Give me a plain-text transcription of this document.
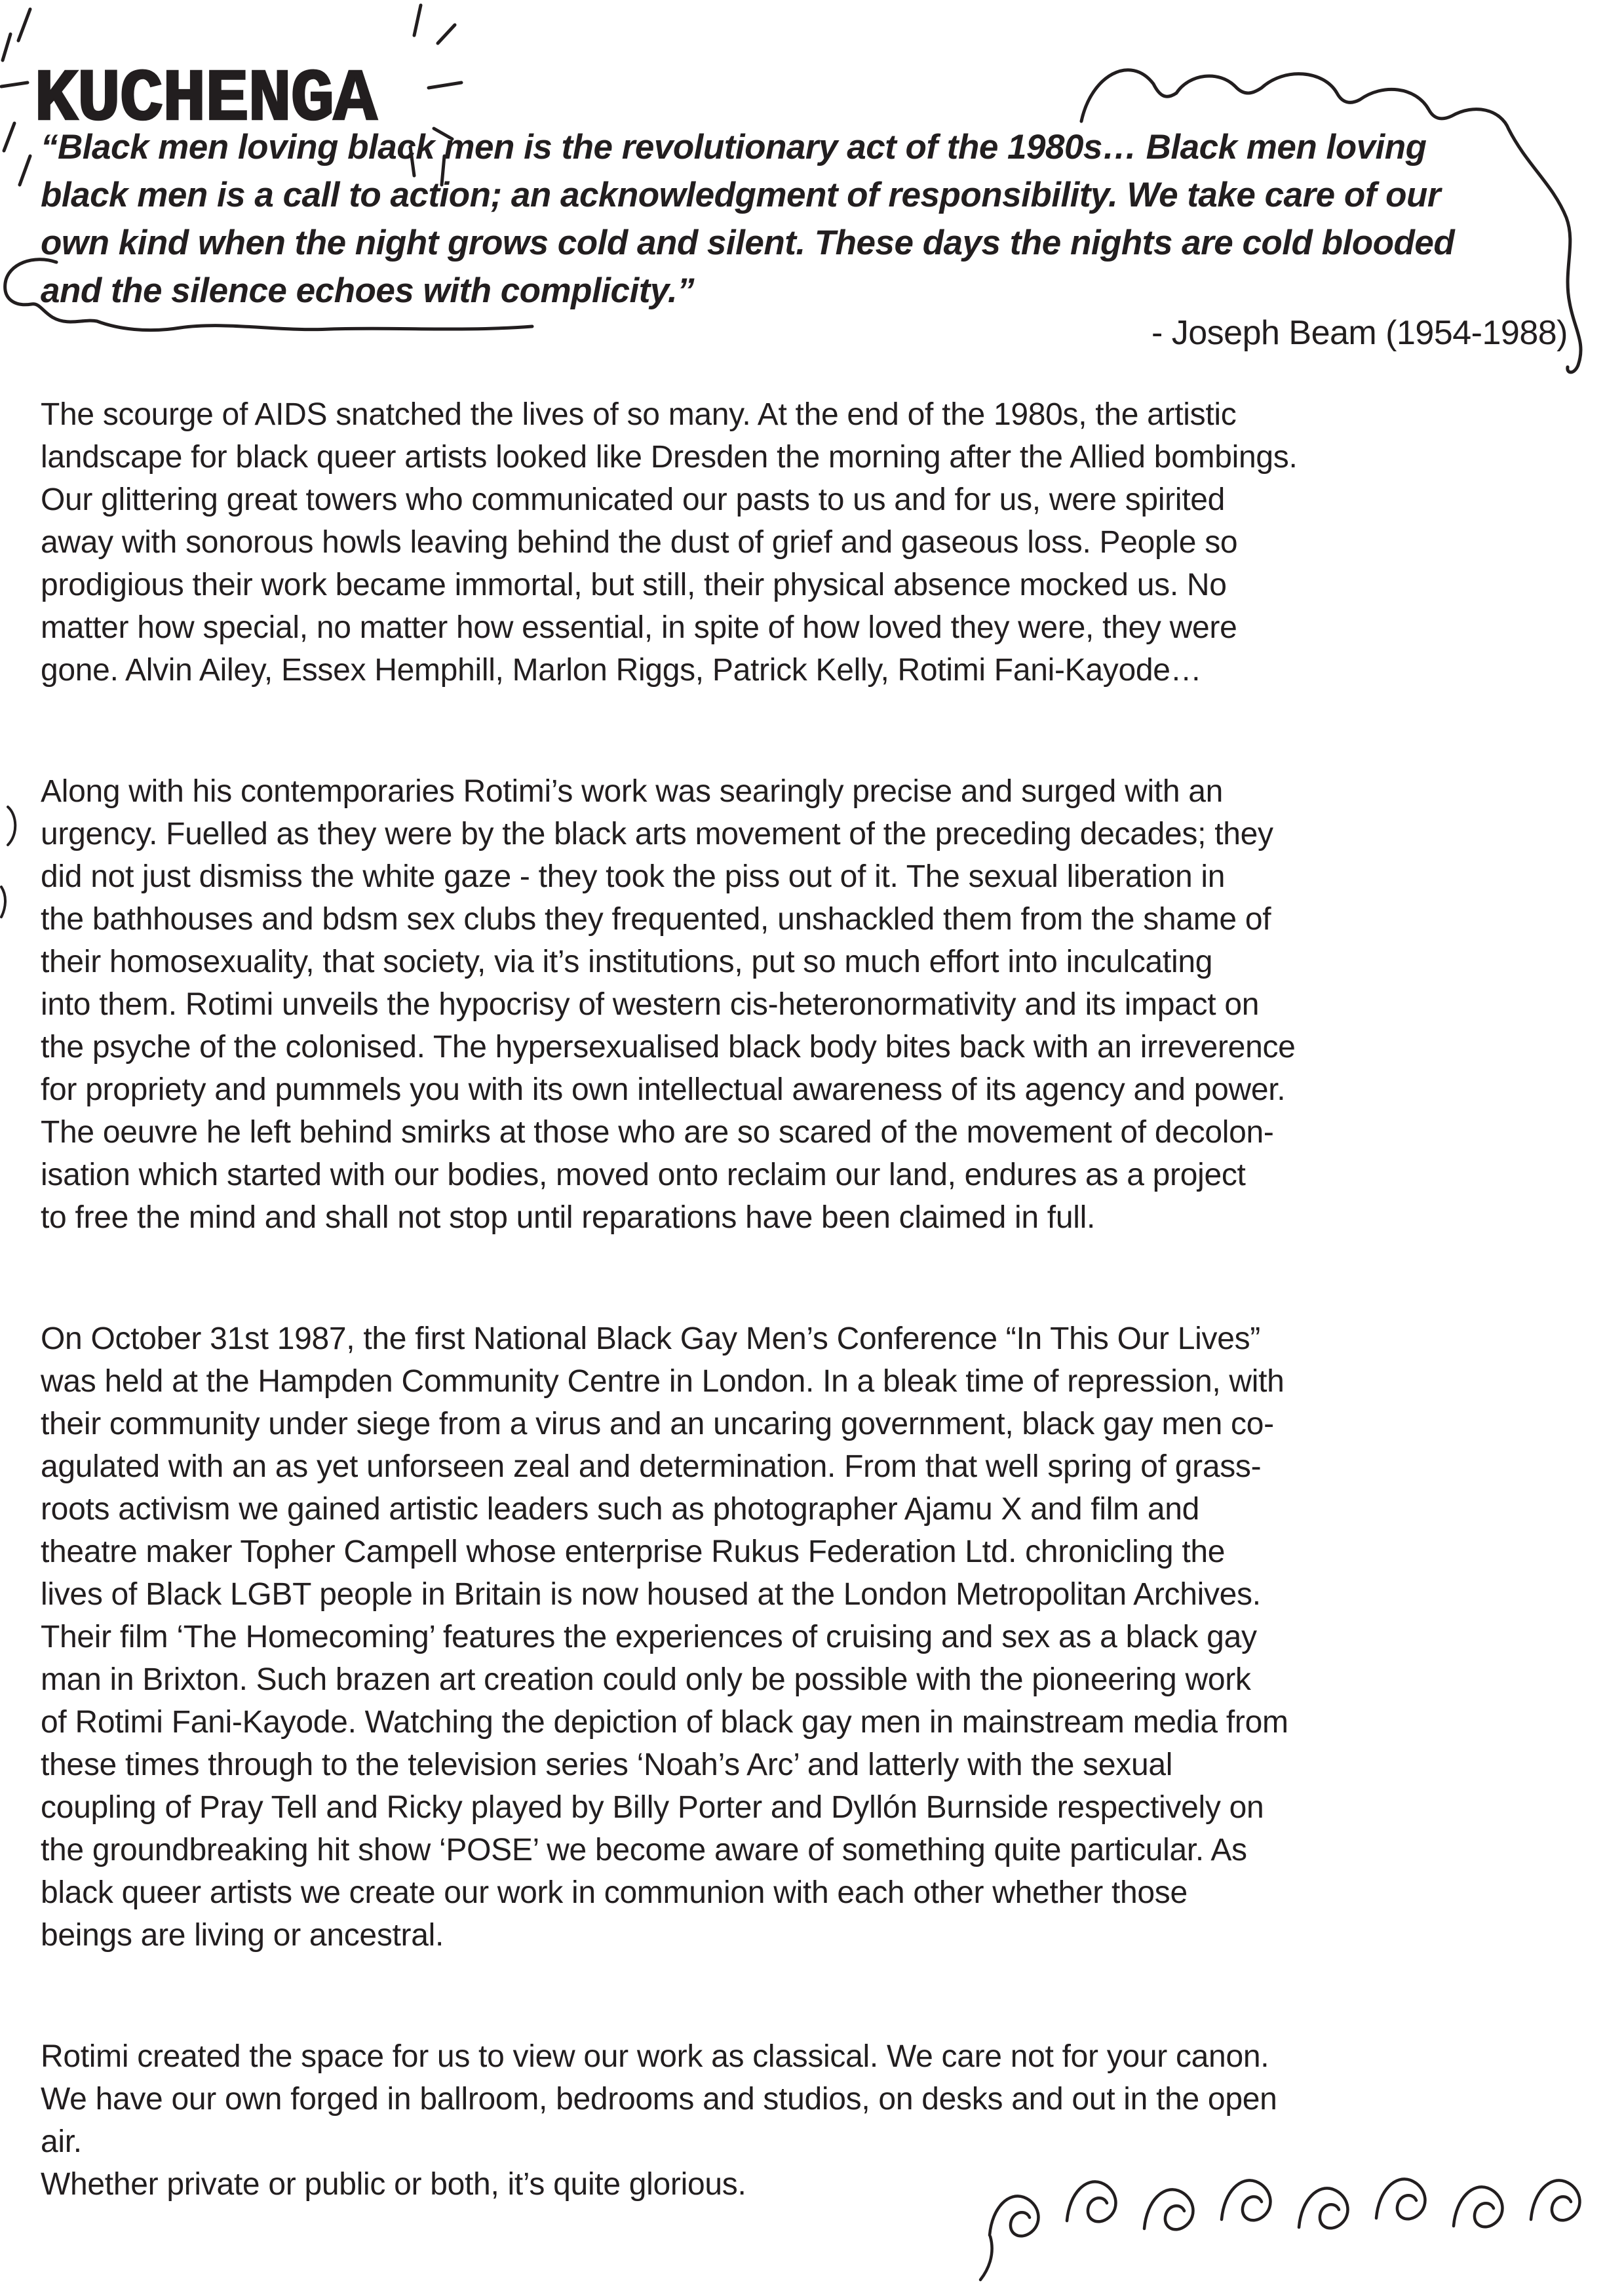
KUCHENGA
“Black men loving black men is the revolutionary act of the 1980s… Black men loving
black men is a call to action; an acknowledgment of responsibility. We take care of our
own kind when the night grows cold and silent. These days the nights are cold blooded
and the silence echoes with complicity.”
- Joseph Beam (1954-1988)
The scourge of AIDS snatched the lives of so many. At the end of the 1980s, the artistic
landscape for black queer artists looked like Dresden the morning after the Allied bombings.
Our glittering great towers who communicated our pasts to us and for us, were spirited
away with sonorous howls leaving behind the dust of grief and gaseous loss. People so
prodigious their work became immortal, but still, their physical absence mocked us. No
matter how special, no matter how essential, in spite of how loved they were, they were
gone. Alvin Ailey, Essex Hemphill, Marlon Riggs, Patrick Kelly, Rotimi Fani-Kayode…
Along with his contemporaries Rotimi’s work was searingly precise and surged with an
urgency. Fuelled as they were by the black arts movement of the preceding decades; they
did not just dismiss the white gaze - they took the piss out of it. The sexual liberation in
the bathhouses and bdsm sex clubs they frequented, unshackled them from the shame of
their homosexuality, that society, via it’s institutions, put so much effort into inculcating
into them. Rotimi unveils the hypocrisy of western cis-heteronormativity and its impact on
the psyche of the colonised. The hypersexualised black body bites back with an irreverence
for propriety and pummels you with its own intellectual awareness of its agency and power.
The oeuvre he left behind smirks at those who are so scared of the movement of decolon-
isation which started with our bodies, moved onto reclaim our land, endures as a project
to free the mind and shall not stop until reparations have been claimed in full.
On October 31st 1987, the first National Black Gay Men’s Conference “In This Our Lives”
was held at the Hampden Community Centre in London. In a bleak time of repression, with
their community under siege from a virus and an uncaring government, black gay men co-
agulated with an as yet unforseen zeal and determination. From that well spring of grass-
roots activism we gained artistic leaders such as photographer Ajamu X and film and
theatre maker Topher Campell whose enterprise Rukus Federation Ltd. chronicling the
lives of Black LGBT people in Britain is now housed at the London Metropolitan Archives.
Their film ‘The Homecoming’ features the experiences of cruising and sex as a black gay
man in Brixton. Such brazen art creation could only be possible with the pioneering work
of Rotimi Fani-Kayode. Watching the depiction of black gay men in mainstream media from
these times through to the television series ‘Noah’s Arc’ and latterly with the sexual
coupling of Pray Tell and Ricky played by Billy Porter and Dyllón Burnside respectively on
the groundbreaking hit show ‘POSE’ we become aware of something quite particular. As
black queer artists we create our work in communion with each other whether those
beings are living or ancestral.
Rotimi created the space for us to view our work as classical. We care not for your canon.
We have our own forged in ballroom, bedrooms and studios, on desks and out in the open
air.
Whether private or public or both, it’s quite glorious.
